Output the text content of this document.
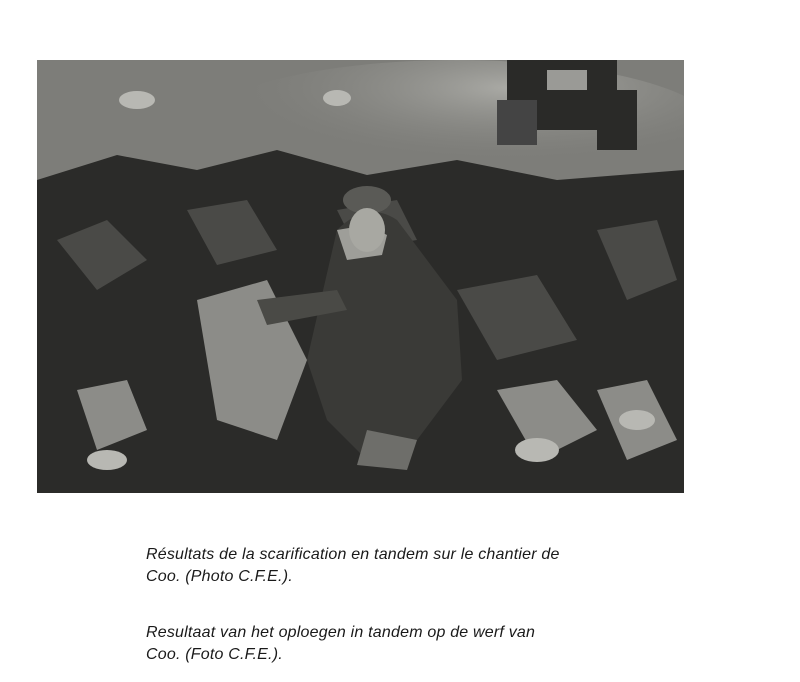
Résultats de la scarification en tandem sur le chantier de
Coo. (Photo C.F.E.).

Resultaat van het oploegen in tandem op de werf van
Coo. (Foto C.F.E.).
